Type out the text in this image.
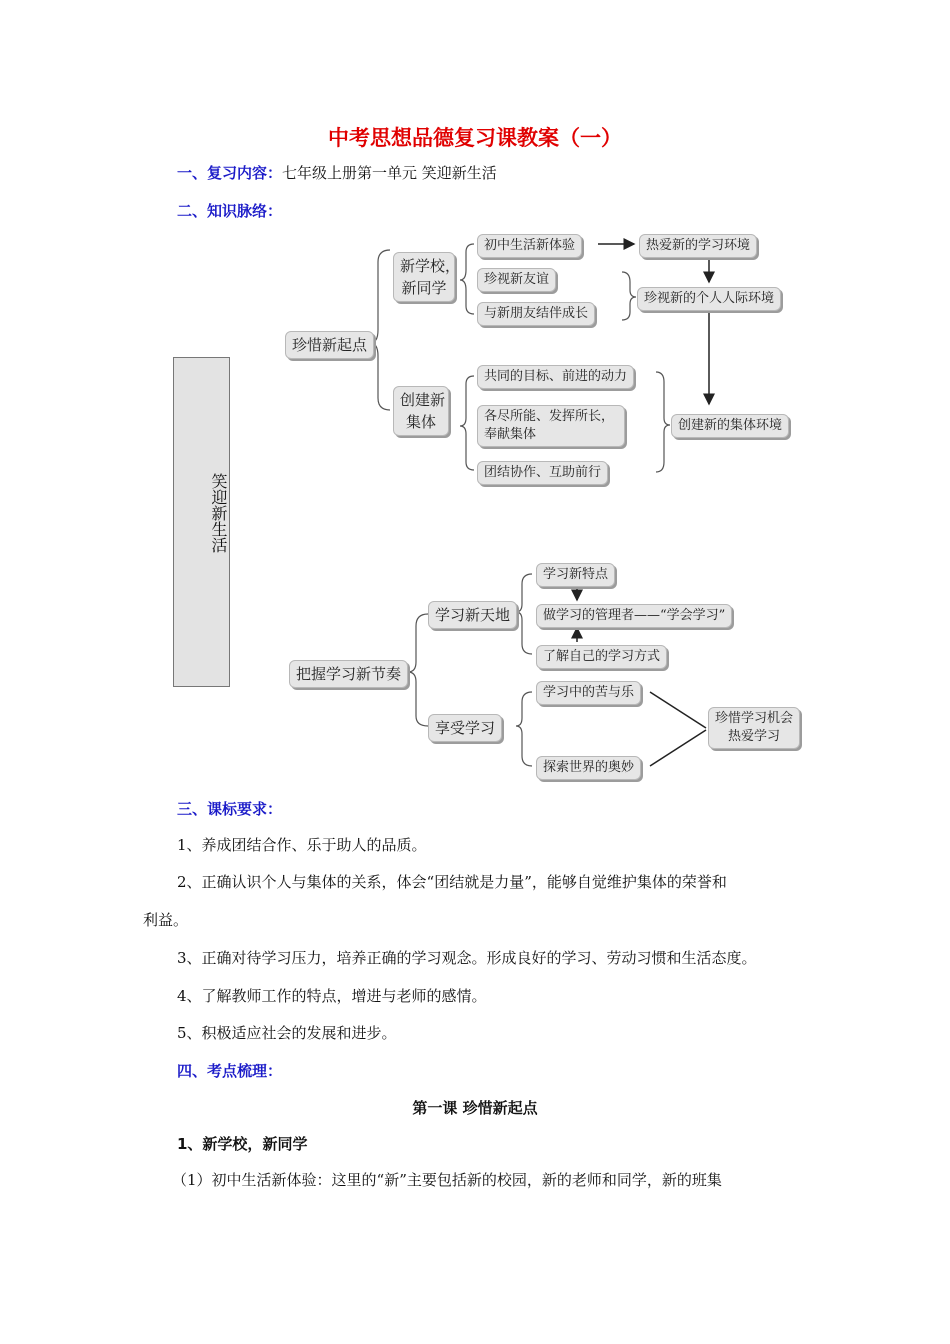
中考思想品德复习课教案（一）
一、复习内容：七年级上册第一单元 笑迎新生活
二、知识脉络：
笑迎新生活
珍惜新起点
新学校，
新同学
初中生活新体验
珍视新友谊
与新朋友结伴成长
热爱新的学习环境
珍视新的个人人际环境
创建新
集体
共同的目标、前进的动力
各尽所能、发挥所长，
奉献集体
团结协作、互助前行
创建新的集体环境
把握学习新节奏
学习新天地
学习新特点
做学习的管理者——“学会学习”
了解自己的学习方式
享受学习
学习中的苦与乐
探索世界的奥妙
珍惜学习机会
热爱学习
三、课标要求：
1、养成团结合作、乐于助人的品质。
2、正确认识个人与集体的关系，体会“团结就是力量”，能够自觉维护集体的荣誉和
利益。
3、正确对待学习压力，培养正确的学习观念。形成良好的学习、劳动习惯和生活态度。
4、了解教师工作的特点，增进与老师的感情。
5、积极适应社会的发展和进步。
四、考点梳理：
第一课 珍惜新起点
1、新学校，新同学
（1）初中生活新体验：这里的“新”主要包括新的校园，新的老师和同学，新的班集
